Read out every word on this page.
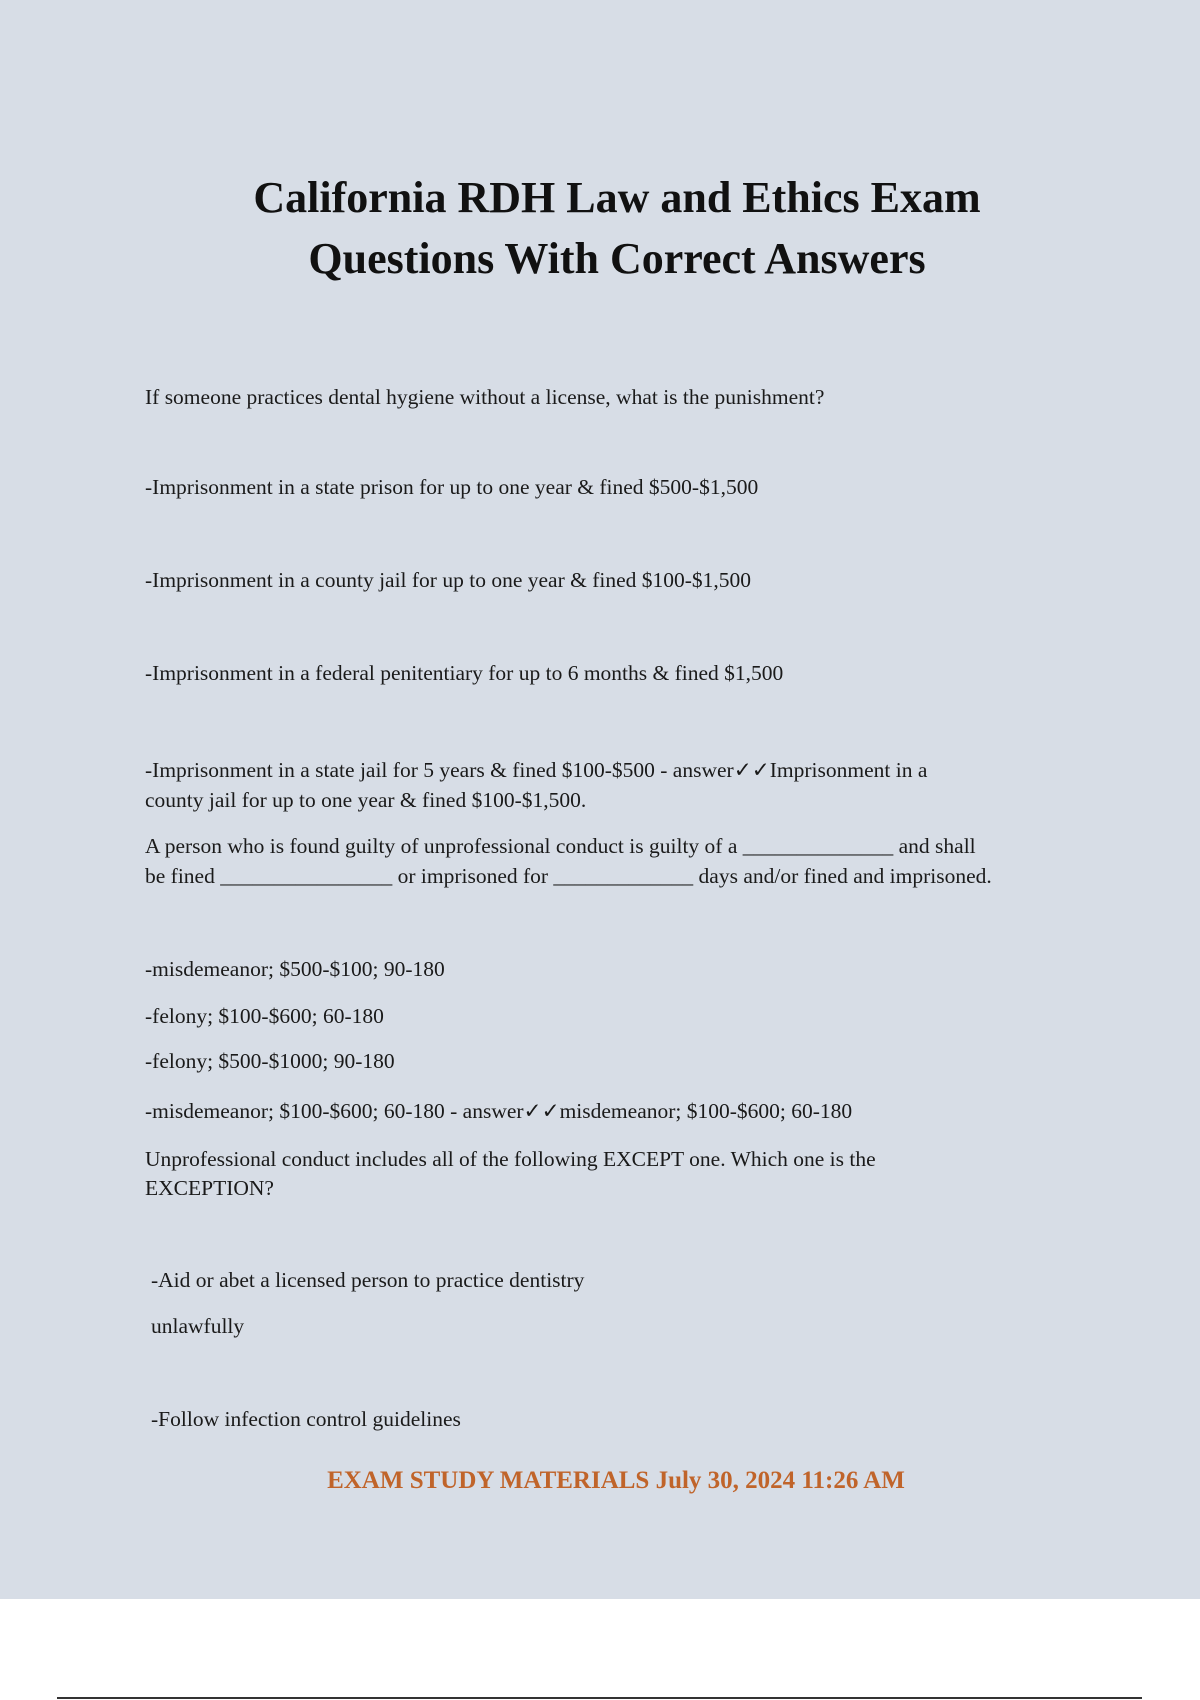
California RDH Law and Ethics Exam
Questions With Correct Answers

If someone practices dental hygiene without a license, what is the punishment?

-Imprisonment in a state prison for up to one year & fined $500-$1,500

-Imprisonment in a county jail for up to one year & fined $100-$1,500

-Imprisonment in a federal penitentiary for up to 6 months & fined $1,500

-Imprisonment in a state jail for 5 years & fined $100-$500 - answer✓✓Imprisonment in a

county jail for up to one year & fined $100-$1,500.

A person who is found guilty of unprofessional conduct is guilty of a ______________ and shall

be fined ________________ or imprisoned for _____________ days and/or fined and imprisoned.

-misdemeanor; $500-$100; 90-180

-felony; $100-$600; 60-180

-felony; $500-$1000; 90-180

-misdemeanor; $100-$600; 60-180 - answer✓✓misdemeanor; $100-$600; 60-180

Unprofessional conduct includes all of the following EXCEPT one. Which one is the

EXCEPTION?

-Aid or abet a licensed person to practice dentistry

unlawfully

-Follow infection control guidelines

EXAM STUDY MATERIALS July 30, 2024 11:26 AM
